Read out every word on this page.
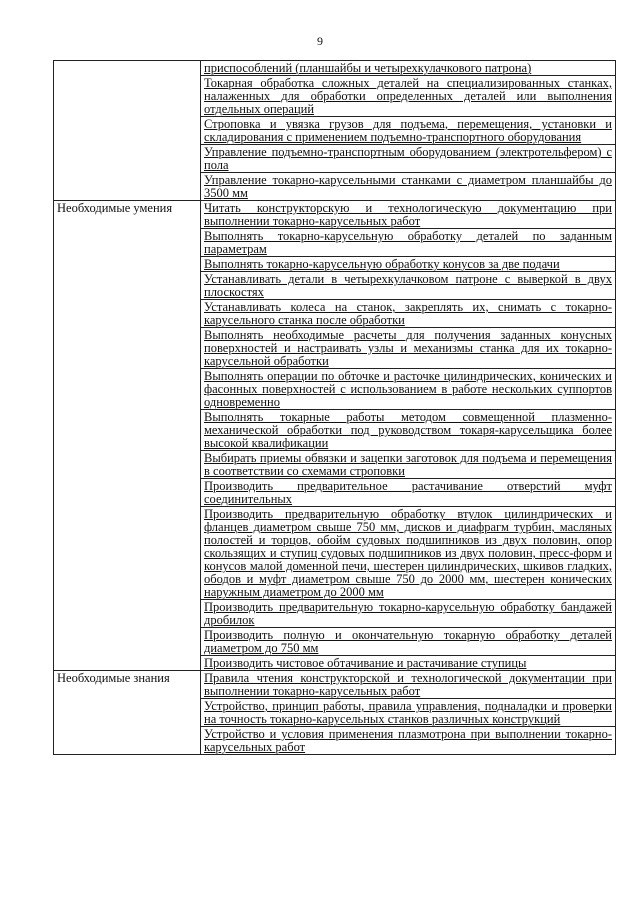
9
	приспособлений (планшайбы и четырехкулачкового патрона)
	Токарная обработка сложных деталей на специализированных станках, налаженных для обработки определенных деталей или выполнения отдельных операций
	Строповка и увязка грузов для подъема, перемещения, установки и складирования с применением подъемно-транспортного оборудования
	Управление подъемно-транспортным оборудованием (электротельфером) с пола
	Управление токарно-карусельными станками с диаметром планшайбы до 3500 мм
Необходимые умения	Читать конструкторскую и технологическую документацию при выполнении токарно-карусельных работ
	Выполнять токарно-карусельную обработку деталей по заданным параметрам
	Выполнять токарно-карусельную обработку конусов за две подачи
	Устанавливать детали в четырехкулачковом патроне с выверкой в двух плоскостях
	Устанавливать колеса на станок, закреплять их, снимать с токарно-карусельного станка после обработки
	Выполнять необходимые расчеты для получения заданных конусных поверхностей и настраивать узлы и механизмы станка для их токарно-карусельной обработки
	Выполнять операции по обточке и расточке цилиндрических, конических и фасонных поверхностей с использованием в работе нескольких суппортов одновременно
	Выполнять токарные работы методом совмещенной плазменно-механической обработки под руководством токаря-карусельщика более высокой квалификации
	Выбирать приемы обвязки и зацепки заготовок для подъема и перемещения в соответствии со схемами строповки
	Производить предварительное растачивание отверстий муфт соединительных
	Производить предварительную обработку втулок цилиндрических и фланцев диаметром свыше 750 мм, дисков и диафрагм турбин, масляных полостей и торцов, обойм судовых подшипников из двух половин, опор скользящих и ступиц судовых подшипников из двух половин, пресс-форм и конусов малой доменной печи, шестерен цилиндрических, шкивов гладких, ободов и муфт диаметром свыше 750 до 2000 мм, шестерен конических наружным диаметром до 2000 мм
	Производить предварительную токарно-карусельную обработку бандажей дробилок
	Производить полную и окончательную токарную обработку деталей диаметром до 750 мм
	Производить чистовое обтачивание и растачивание ступицы
Необходимые знания	Правила чтения конструкторской и технологической документации при выполнении токарно-карусельных работ
	Устройство, принцип работы, правила управления, подналадки и проверки на точность токарно-карусельных станков различных конструкций
	Устройство и условия применения плазмотрона при выполнении токарно-карусельных работ
